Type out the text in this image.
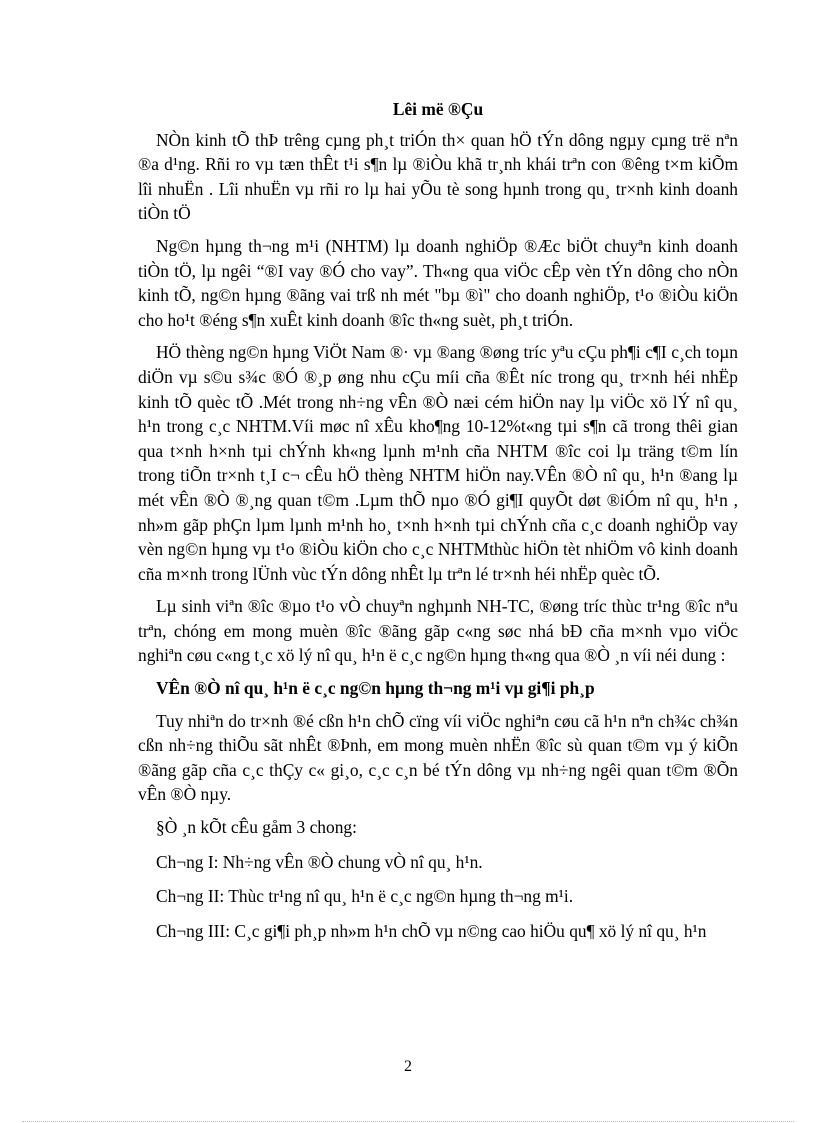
Lêi më ®Çu

NÒn kinh tÕ thÞ trêng cµng ph¸t triÓn th× quan hÖ tÝn dông ngµy cµng trë nªn ®a d¹ng. Rñi ro vµ tæn thÊt t¹i s¶n lµ ®iÒu khã tr¸nh khái trªn con ®êng t×m kiÕm lîi nhuËn . Lîi nhuËn vµ rñi ro lµ hai yÕu tè song hµnh trong qu¸ tr×nh kinh doanh tiÒn tÖ

Ng©n hµng th¬ng m¹i (NHTM) lµ doanh nghiÖp ®Æc biÖt chuyªn kinh doanh tiÒn tÖ, lµ ngêi “®I vay ®Ó cho vay”. Th«ng qua viÖc cÊp vèn tÝn dông cho nÒn kinh tÕ, ng©n hµng ®ãng vai trß nh mét "bµ ®ì" cho doanh nghiÖp, t¹o ®iÒu kiÖn cho ho¹t ®éng s¶n xuÊt kinh doanh ®îc th«ng suèt, ph¸t triÓn.

HÖ thèng ng©n hµng ViÖt Nam ®· vµ ®ang ®øng tríc yªu cÇu ph¶i c¶I c¸ch toµn diÖn vµ s©u s¾c ®Ó ®¸p øng nhu cÇu míi cña ®Êt níc trong qu¸ tr×nh héi nhËp kinh tÕ quèc tÕ .Mét trong nh÷ng vÊn ®Ò næi cém hiÖn nay lµ viÖc xö lÝ nî qu¸ h¹n trong c¸c NHTM.Víi møc nî xÊu kho¶ng 10-12%t«ng tµi s¶n cã trong thêi gian qua t×nh h×nh tµi chÝnh kh«ng lµnh m¹nh cña NHTM ®îc coi lµ träng t©m lín trong tiÕn tr×nh t¸I c¬ cÊu hÖ thèng NHTM hiÖn nay.VÊn ®Ò nî qu¸ h¹n ®ang lµ mét vÊn ®Ò ®¸ng quan t©m .Lµm thÕ nµo ®Ó gi¶I quyÕt døt ®iÓm nî qu¸ h¹n , nh»m gãp phÇn lµm lµnh m¹nh ho¸ t×nh h×nh tµi chÝnh cña c¸c doanh nghiÖp vay vèn ng©n hµng vµ t¹o ®iÒu kiÖn cho c¸c NHTMthùc hiÖn tèt nhiÖm vô kinh doanh cña m×nh trong lÜnh vùc tÝn dông nhÊt lµ trªn lé tr×nh héi nhËp quèc tÕ.

Lµ sinh viªn ®îc ®µo t¹o vÒ chuyªn nghµnh NH-TC, ®øng tríc thùc tr¹ng ®îc nªu trªn, chóng em mong muèn ®îc ®ãng gãp c«ng søc nhá bÐ cña m×nh vµo viÖc nghiªn cøu c«ng t¸c xö lý nî qu¸ h¹n ë c¸c ng©n hµng th«ng qua ®Ò ¸n víi néi dung :

VÊn ®Ò nî qu¸ h¹n ë c¸c ng©n hµng th¬ng m¹i vµ gi¶i ph¸p

Tuy nhiªn do tr×nh ®é cßn h¹n chÕ cïng víi viÖc nghiªn cøu cã h¹n nªn ch¾c ch¾n cßn nh÷ng thiÕu sãt nhÊt ®Þnh, em mong muèn nhËn ®îc sù quan t©m vµ ý kiÕn ®ãng gãp cña c¸c thÇy c« gi¸o, c¸c c¸n bé tÝn dông vµ nh÷ng ngêi quan t©m ®Õn vÊn ®Ò nµy.

§Ò ¸n kÕt cÊu gåm 3 chong:

Ch¬ng I: Nh÷ng vÊn ®Ò chung vÒ nî qu¸ h¹n.

Ch¬ng II: Thùc tr¹ng nî qu¸ h¹n ë c¸c ng©n hµng th¬ng m¹i.

Ch¬ng III: C¸c gi¶i ph¸p nh»m h¹n chÕ vµ n©ng cao hiÖu qu¶ xö lý nî qu¸ h¹n

2
